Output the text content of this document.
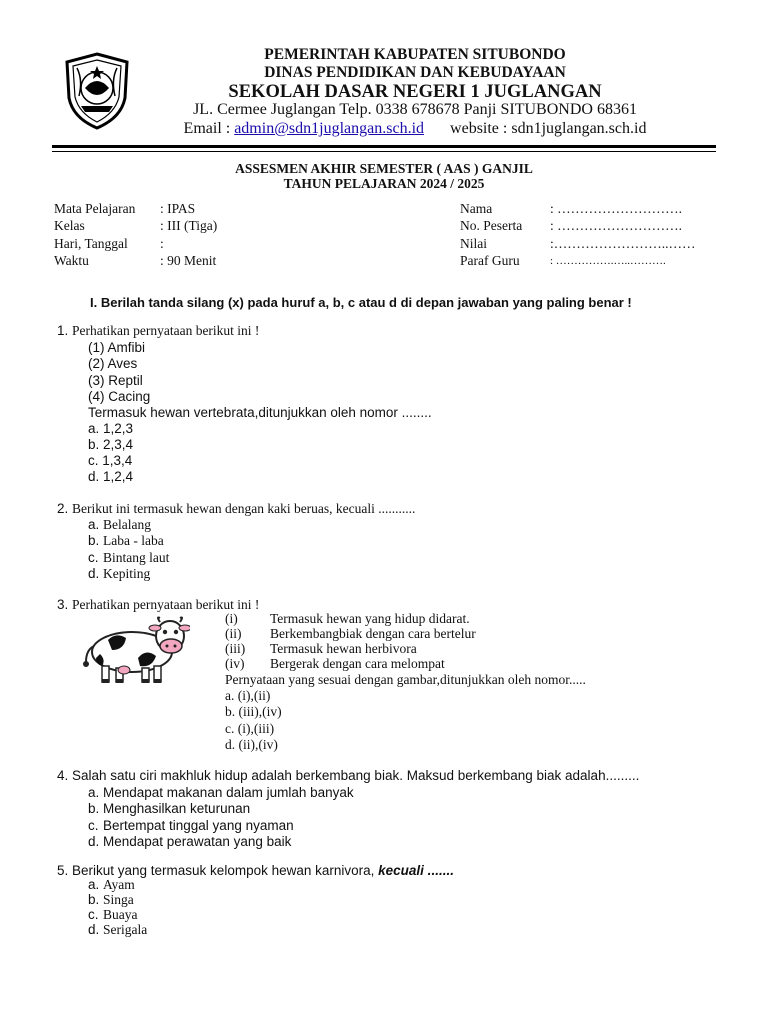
PEMERINTAH KABUPATEN SITUBONDO
DINAS PENDIDIKAN DAN KEBUDAYAAN
SEKOLAH DASAR NEGERI 1 JUGLANGAN
JL. Cermee Juglangan Telp. 0338 678678 Panji SITUBONDO 68361
Email : admin@sdn1juglangan.sch.id website : sdn1juglangan.sch.id
ASSESMEN AKHIR SEMESTER ( AAS ) GANJIL
TAHUN PELAJARAN 2024 / 2025
Mata Pelajaran : IPAS
Kelas	: III (Tiga)
Hari, Tanggal :
Waktu	: 90 Menit
Nama	: ……………………….
No. Peserta : ……………………….
Nilai	:……………………..……
Paraf Guru	: …………….…..……….
I. Berilah tanda silang (x) pada huruf a, b, c atau d di depan jawaban yang paling benar !
1. Perhatikan pernyataan berikut ini !
(1) Amfibi
(2) Aves
(3) Reptil
(4) Cacing
Termasuk hewan vertebrata,ditunjukkan oleh nomor ........
a. 1,2,3
b. 2,3,4
c. 1,3,4
d. 1,2,4
2. Berikut ini termasuk hewan dengan kaki beruas, kecuali ...........
a. Belalang
b. Laba - laba
c. Bintang laut
d. Kepiting
3. Perhatikan pernyataan berikut ini !
(i) Termasuk hewan yang hidup didarat.
(ii) Berkembangbiak dengan cara bertelur
(iii) Termasuk hewan herbivora
(iv) Bergerak dengan cara melompat
Pernyataan yang sesuai dengan gambar,ditunjukkan oleh nomor.....
a. (i),(ii)
b. (iii),(iv)
c. (i),(iii)
d. (ii),(iv)
4. Salah satu ciri makhluk hidup adalah berkembang biak. Maksud berkembang biak adalah.........
a. Mendapat makanan dalam jumlah banyak
b. Menghasilkan keturunan
c. Bertempat tinggal yang nyaman
d. Mendapat perawatan yang baik
5. Berikut yang termasuk kelompok hewan karnivora, kecuali .......
a. Ayam
b. Singa
c. Buaya
d. Serigala
